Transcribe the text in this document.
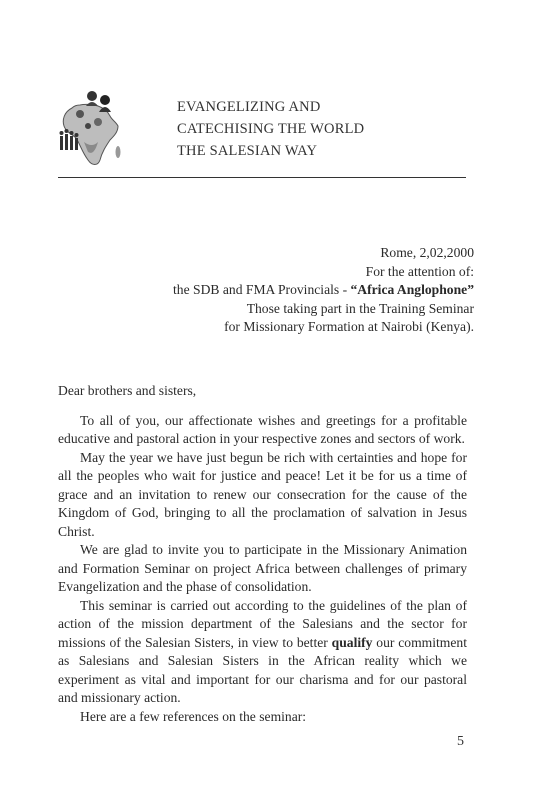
EVANGELIZING AND
CATECHISING THE WORLD
THE SALESIAN WAY
Rome, 2,02,2000
For the attention of:
the SDB and FMA Provincials - “Africa Anglophone”
Those taking part in the Training Seminar
for Missionary Formation at Nairobi (Kenya).

Dear brothers and sisters,

To all of you, our affectionate wishes and greetings for a profitable educative and pastoral action in your respective zones and sectors of work.

May the year we have just begun be rich with certainties and hope for all the peoples who wait for justice and peace! Let it be for us a time of grace and an invitation to renew our consecration for the cause of the Kingdom of God, bringing to all the proclamation of salvation in Jesus Christ.

We are glad to invite you to participate in the Missionary Animation and Formation Seminar on project Africa between challenges of primary Evangelization and the phase of consolidation.

This seminar is carried out according to the guidelines of the plan of action of the mission department of the Salesians and the sector for missions of the Salesian Sisters, in view to better qualify our commitment as Salesians and Salesian Sisters in the African reality which we experiment as vital and important for our charisma and for our pastoral and missionary action.

Here are a few references on the seminar:

5
